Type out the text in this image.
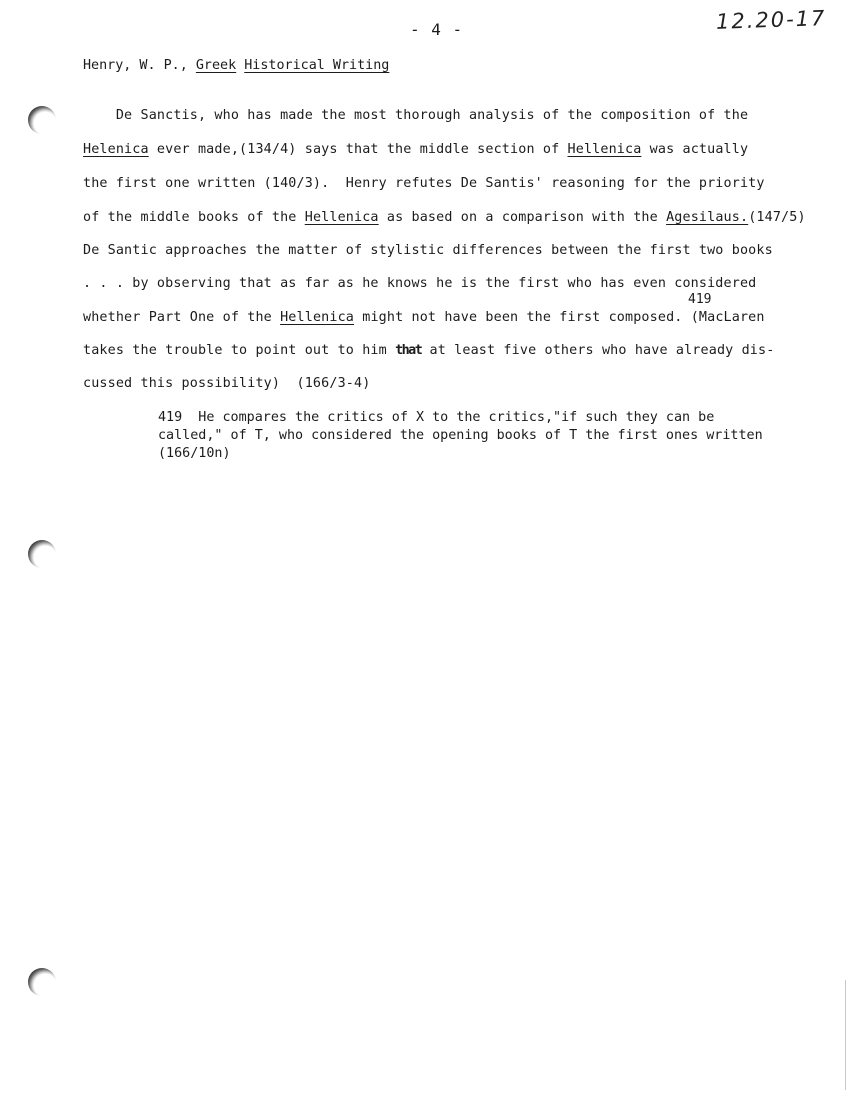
- 4 -	12.20-17
Henry, W. P., Greek Historical Writing
De Sanctis, who has made the most thorough analysis of the composition of the
Helenica ever made,(134/4) says that the middle section of Hellenica was actually
the first one written (140/3).  Henry refutes De Santis' reasoning for the priority
of the middle books of the Hellenica as based on a comparison with the Agesilaus.(147/5)
De Santic approaches the matter of stylistic differences between the first two books
. . . by observing that as far as he knows he is the first who has even considered
419
whether Part One of the Hellenica might not have been the first composed. (MacLaren
takes the trouble to point out to him that at least five others who have already dis-
cussed this possibility)  (166/3-4)
419  He compares the critics of X to the critics,"if such they can be
called," of T, who considered the opening books of T the first ones written
(166/10n)
